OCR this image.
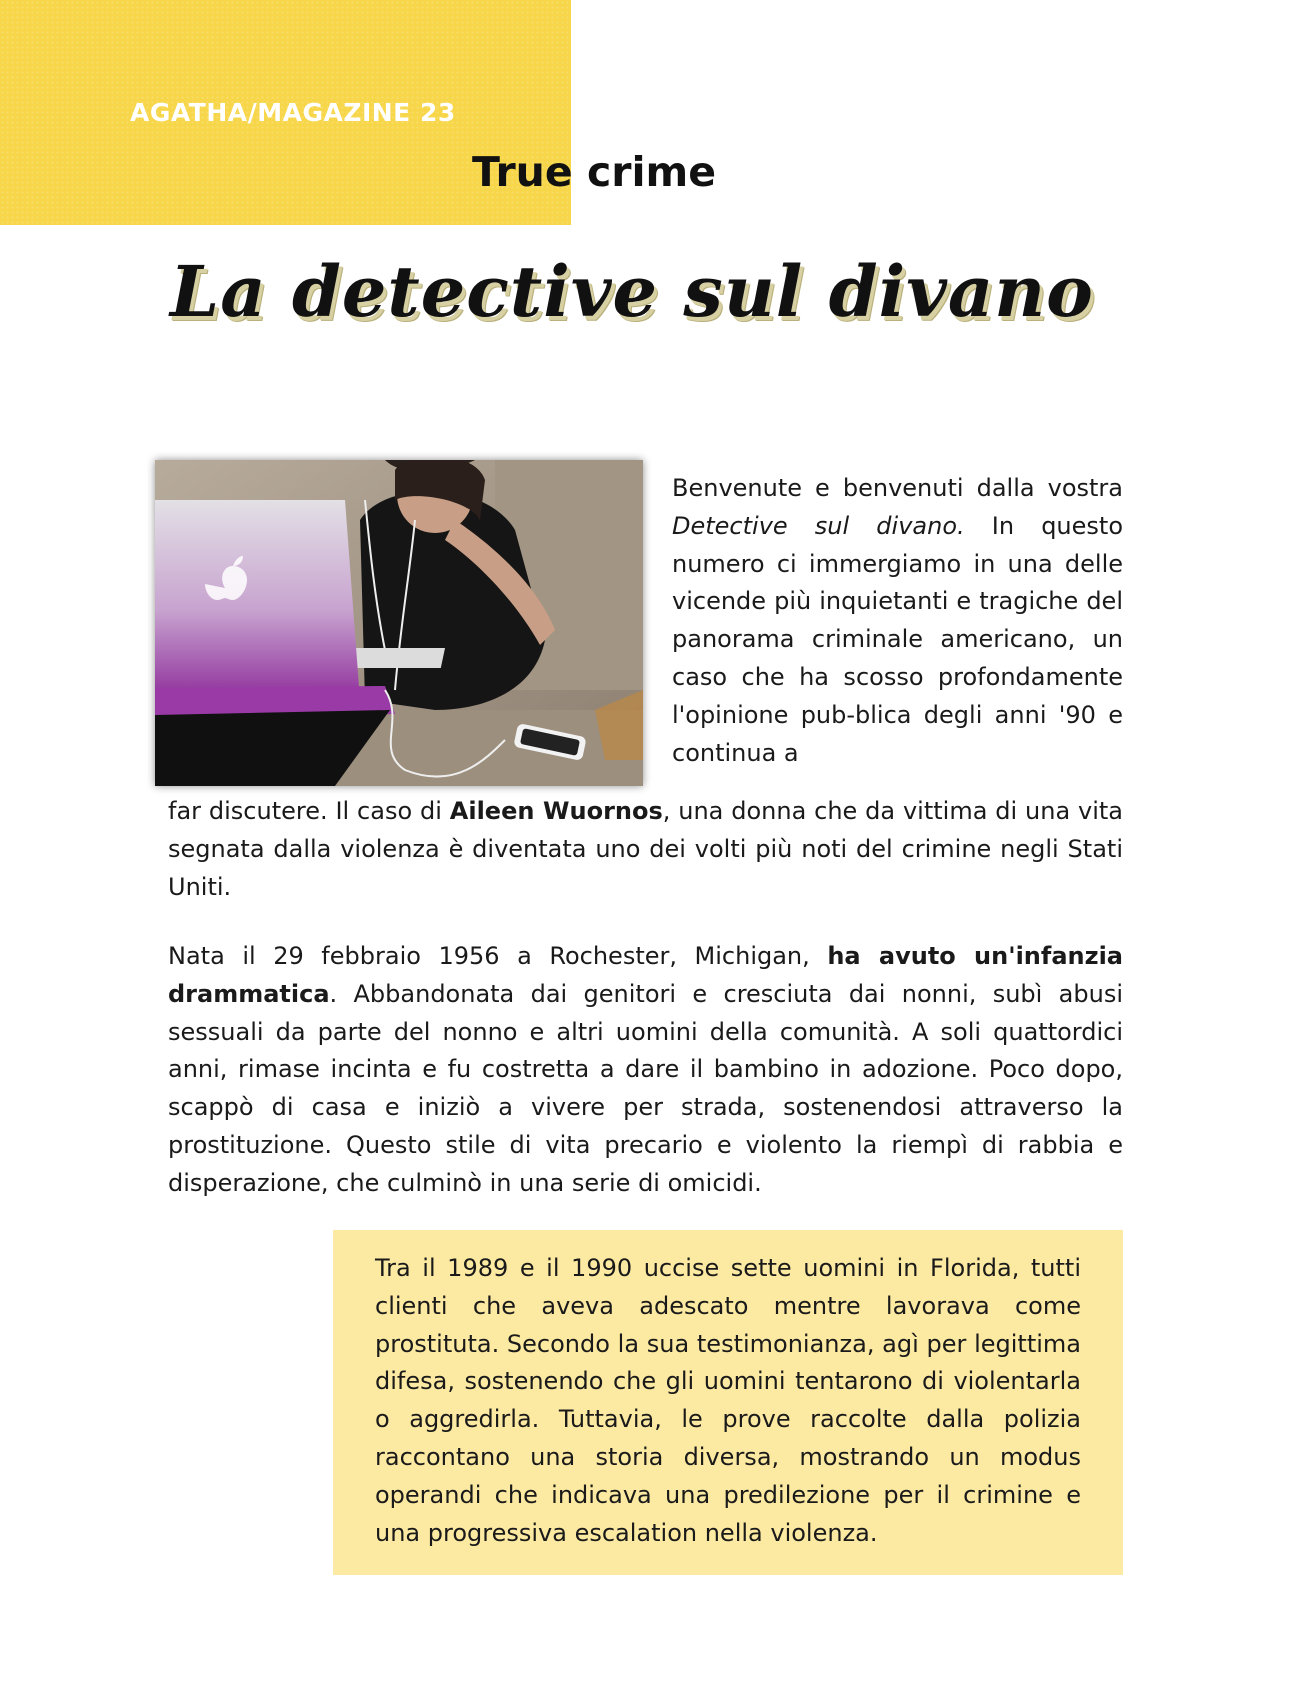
AGATHA/MAGAZINE 23
True crime
La detective sul divano
Benvenute e benvenuti dalla vostra Detective sul divano. In questo numero ci immergiamo in una delle vicende più inquietanti e tragiche del panorama criminale americano, un caso che ha scosso profondamente l'opinione pub-blica degli anni '90 e continua a
far discutere. Il caso di Aileen Wuornos, una donna che da vittima di una vita segnata dalla violenza è diventata uno dei volti più noti del crimine negli Stati Uniti.
Nata il 29 febbraio 1956 a Rochester, Michigan, ha avuto un'infanzia drammatica. Abbandonata dai genitori e cresciuta dai nonni, subì abusi sessuali da parte del nonno e altri uomini della comunità. A soli quattordici anni, rimase incinta e fu costretta a dare il bambino in adozione. Poco dopo, scappò di casa e iniziò a vivere per strada, sostenendosi attraverso la prostituzione. Questo stile di vita precario e violento la riempì di rabbia e disperazione, che culminò in una serie di omicidi.
Tra il 1989 e il 1990 uccise sette uomini in Florida, tutti clienti che aveva adescato mentre lavorava come prostituta. Secondo la sua testimonianza, agì per legittima difesa, sostenendo che gli uomini tentarono di violentarla o aggredirla. Tuttavia, le prove raccolte dalla polizia raccontano una storia diversa, mostrando un modus operandi che indicava una predilezione per il crimine e una progressiva escalation nella violenza.
